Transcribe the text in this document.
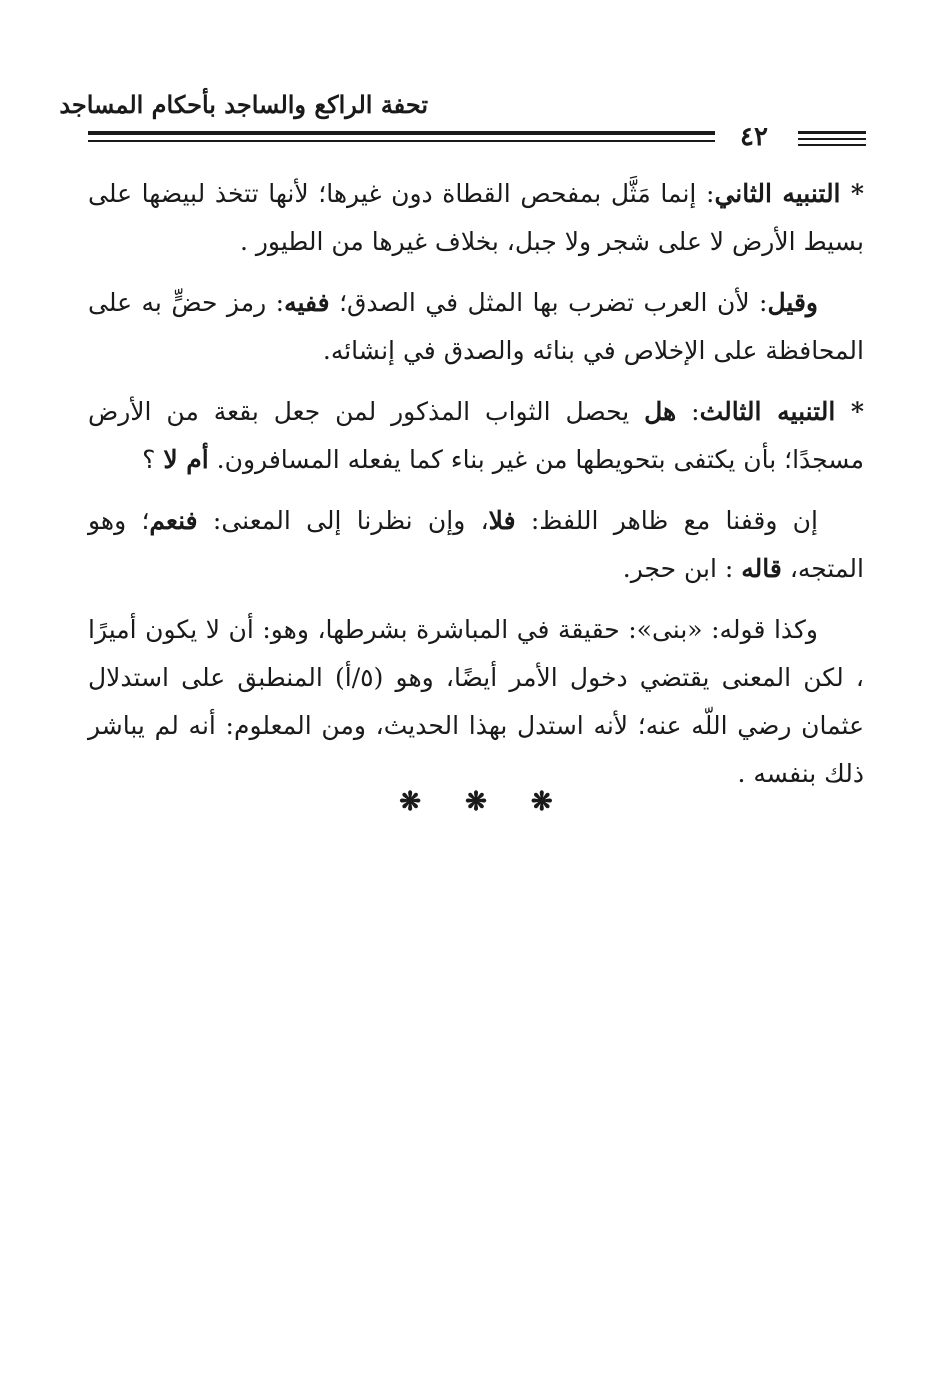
تحفة الراكع والساجد بأحكام المساجد
٤٢

* التنبيه الثاني: إنما مَثَّل بمفحص القطاة دون غيرها؛ لأنها تتخذ لبيضها على بسيط الأرض لا على شجر ولا جبل، بخلاف غيرها من الطيور .

وقيل: لأن العرب تضرب بها المثل في الصدق؛ ففيه: رمز حضٍّ به على المحافظة على الإخلاص في بنائه والصدق في إنشائه.

* التنبيه الثالث: هل يحصل الثواب المذكور لمن جعل بقعة من الأرض مسجدًا؛ بأن يكتفى بتحويطها من غير بناء كما يفعله المسافرون. أم لا ؟

إن وقفنا مع ظاهر اللفظ: فلا، وإن نظرنا إلى المعنى: فنعم؛ وهو المتجه، قاله : ابن حجر.

وكذا قوله: «بنى»: حقيقة في المباشرة بشرطها، وهو: أن لا يكون أميرًا ، لكن المعنى يقتضي دخول الأمر أيضًا، وهو (٥/أ) المنطبق على استدلال عثمان رضي اللّه عنه؛ لأنه استدل بهذا الحديث، ومن المعلوم: أنه لم يباشر ذلك بنفسه .

❋ ❋ ❋
